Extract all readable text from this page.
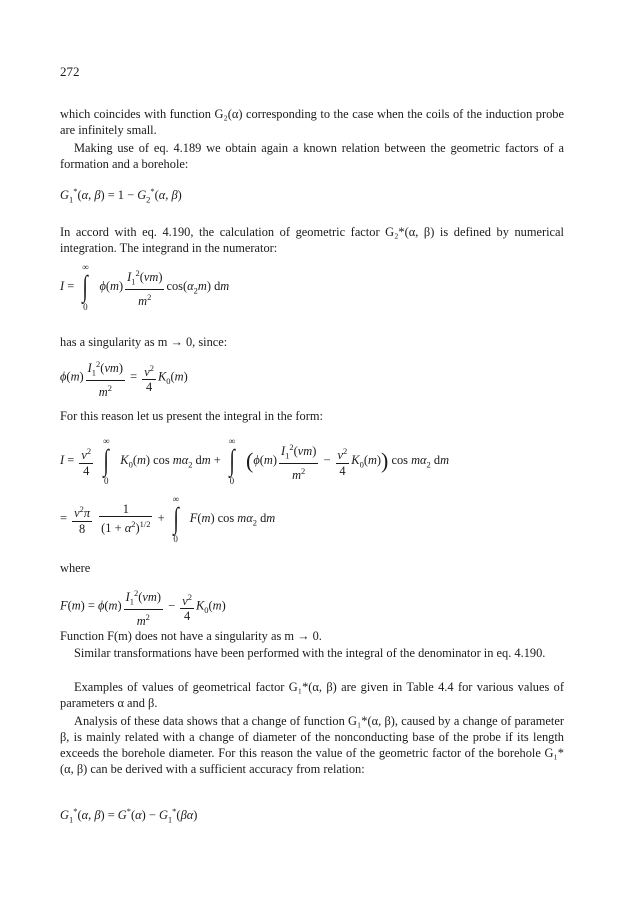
272

which coincides with function G₂(α) corresponding to the case when the coils of the induction probe are infinitely small.

Making use of eq. 4.189 we obtain again a known relation between the geometric factors of a formation and a borehole:

$G_1^*(\alpha$, $\beta) = 1 - G_2^*(\alpha$, β)

In accord with eq. 4.190, the calculation of geometric factor G₂*(α, β) is defined by numerical integration. The integrand in the numerator:

I =
∞
∫
0
$\phi(m) \frac{I_1^2(vm)}{m^2} \cos(\alpha_2m)$ dm

has a singularity as m → 0, since:

$\phi(m) \frac{I_1^2(vm)}{m^2} = \frac{v^2}{4} K_0(m)$

For this reason let us present the integral in the form:

$I = \frac{v^2}{4}$

∞
∫
0
$K_0(m)$ $\cos m\alpha_2$ dm +
∞
∫
0
$(\phi(m) \frac{I_1^2(vm)}{m^2} - \frac{v^2}{4} K_0(m))$ $\cos m\alpha_2$ dm
= $\frac{v^2\pi}{8}$
$\frac{1}{(1 + \alpha^2)^{1/2}}$ +
∞
∫
0
F(m) $\cos m\alpha_2$ dm

where

$F(m) = \phi(m) \frac{I_1^2(vm)}{m^2} - \frac{v^2}{4} K_0(m)$

Function F(m) does not have a singularity as m → 0.

Similar transformations have been performed with the integral of the denominator in eq. 4.190.

Examples of values of geometrical factor G₁*(α, β) are given in Table 4.4 for various values of parameters α and β.

Analysis of these data shows that a change of function G₁*(α, β), caused by a change of parameter β, is mainly related with a change of diameter of the nonconducting base of the probe if its length exceeds the borehole diameter. For this reason the value of the geometric factor of the borehole G₁*(α, β) can be derived with a sufficient accuracy from relation:

$G_1^*(\alpha$, $\beta) = G^*(\alpha) - G_1^*(\beta\alpha)$
